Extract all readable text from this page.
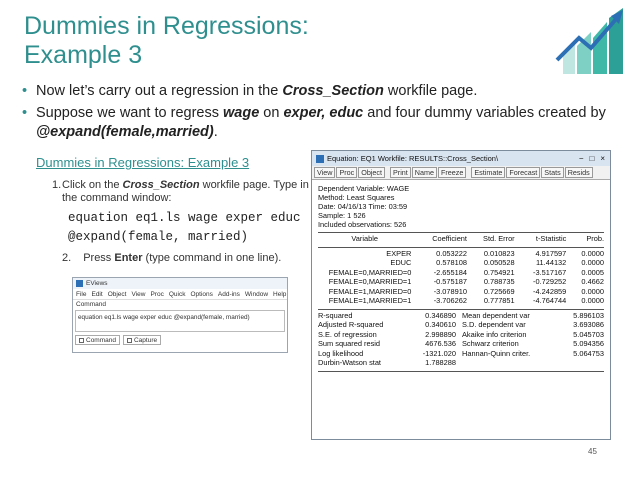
Dummies in Regressions:
Example 3
• Now let’s carry out a regression in the Cross_Section workfile page.
• Suppose we want to regress wage on exper, educ and four dummy variables created by @expand(female,married).
Dummies in Regressions: Example 3
1. Click on the Cross_Section workfile page. Type in the command window:
equation eq1.ls wage exper educ
@expand(female, married)
2. Press Enter (type command in one line).
EViews
File Edit Object View Proc Quick Options Add-ins Window Help
Command
equation eq1.ls wage exper educ @expand(female, married)
Command	Capture
Equation: EQ1 Workfile: RESULTS::Cross_Section\	− □ ×
View Proc Object	Print Name Freeze	Estimate Forecast Stats Resids
Dependent Variable: WAGE
Method: Least Squares
Date: 04/16/13 Time: 03:59
Sample: 1 526
Included observations: 526
Variable	Coefficient	Std. Error	t-Statistic	Prob.
EXPER	0.053222	0.010823	4.917597	0.0000
EDUC	0.578108	0.050528	11.44132	0.0000
FEMALE=0,MARRIED=0	-2.655184	0.754921	-3.517167	0.0005
FEMALE=0,MARRIED=1	-0.575187	0.788735	-0.729252	0.4662
FEMALE=1,MARRIED=0	-3.078910	0.725669	-4.242859	0.0000
FEMALE=1,MARRIED=1	-3.706262	0.777851	-4.764744	0.0000
R-squared	0.346890 Mean dependent var	5.896103
Adjusted R-squared	0.340610 S.D. dependent var	3.693086
S.E. of regression	2.998890 Akaike info criterion	5.045703
Sum squared resid	4676.536 Schwarz criterion	5.094356
Log likelihood	-1321.020 Hannan-Quinn criter.	5.064753
Durbin-Watson stat	1.788288
45
